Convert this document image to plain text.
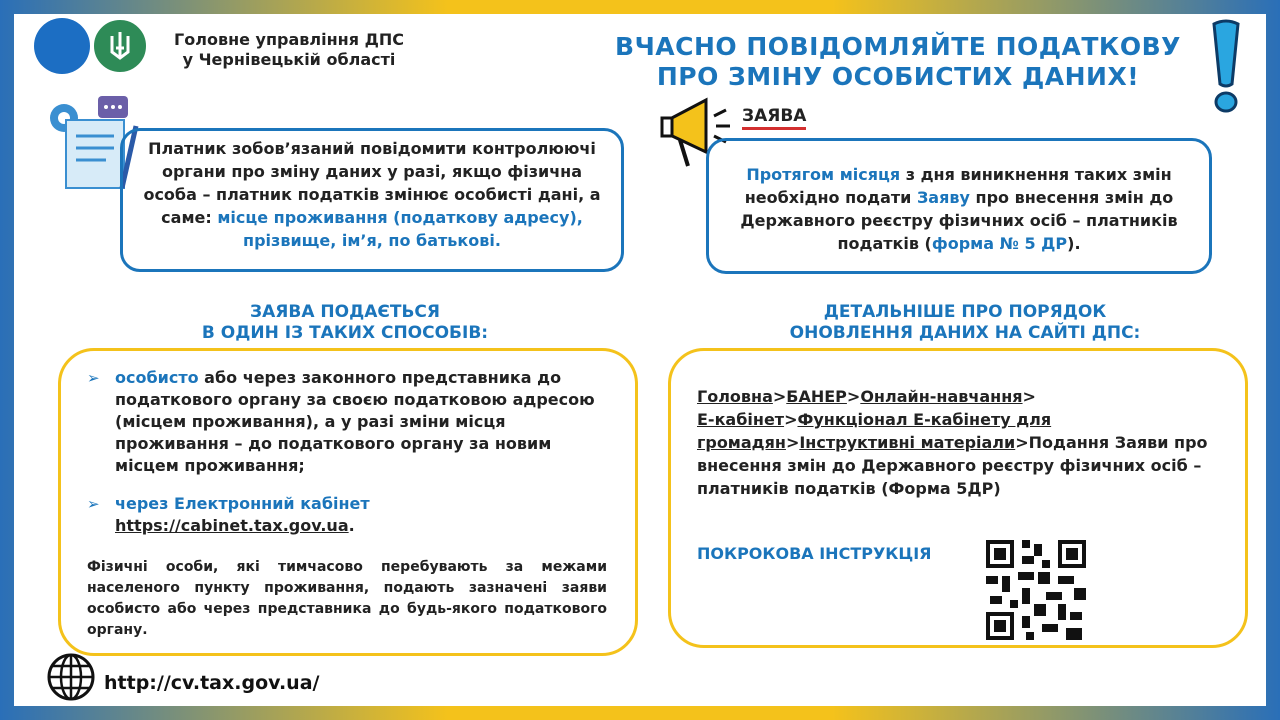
Головне управління ДПС
у Чернівецькій області	ВЧАСНО ПОВІДОМЛЯЙТЕ ПОДАТКОВУ
ПРО ЗМІНУ ОСОБИСТИХ ДАНИХ!
Платник зобов’язаний повідомити контролюючі органи про зміну даних у разі, якщо фізична особа – платник податків змінює особисті дані, а саме: місце проживання (податкову адресу), прізвище, ім’я, по батькові.
ЗАЯВА
Протягом місяця з дня виникнення таких змін необхідно подати Заяву про внесення змін до Державного реєстру фізичних осіб – платників податків (форма № 5 ДР).
ЗАЯВА ПОДАЄТЬСЯ
В ОДИН ІЗ ТАКИХ СПОСОБІВ:
ДЕТАЛЬНІШЕ ПРО ПОРЯДОК
ОНОВЛЕННЯ ДАНИХ НА САЙТІ ДПС:
➢ особисто або через законного представника до податкового органу за своєю податковою адресою (місцем проживання), а у разі зміни місця проживання – до податкового органу за новим місцем проживання;
➢ через Електронний кабінет
https://cabinet.tax.gov.ua.
Фізичні особи, які тимчасово перебувають за межами населеного пункту проживання, подають зазначені заяви особисто або через представника до будь-якого податкового органу.
Головна>БАНЕР>Онлайн-навчання>
Е-кабінет>Функціонал Е-кабінету для громадян>Інструктивні матеріали>Подання Заяви про внесення змін до Державного реєстру фізичних осіб – платників податків (Форма 5ДР)
ПОКРОКОВА ІНСТРУКЦІЯ
http://cv.tax.gov.ua/
